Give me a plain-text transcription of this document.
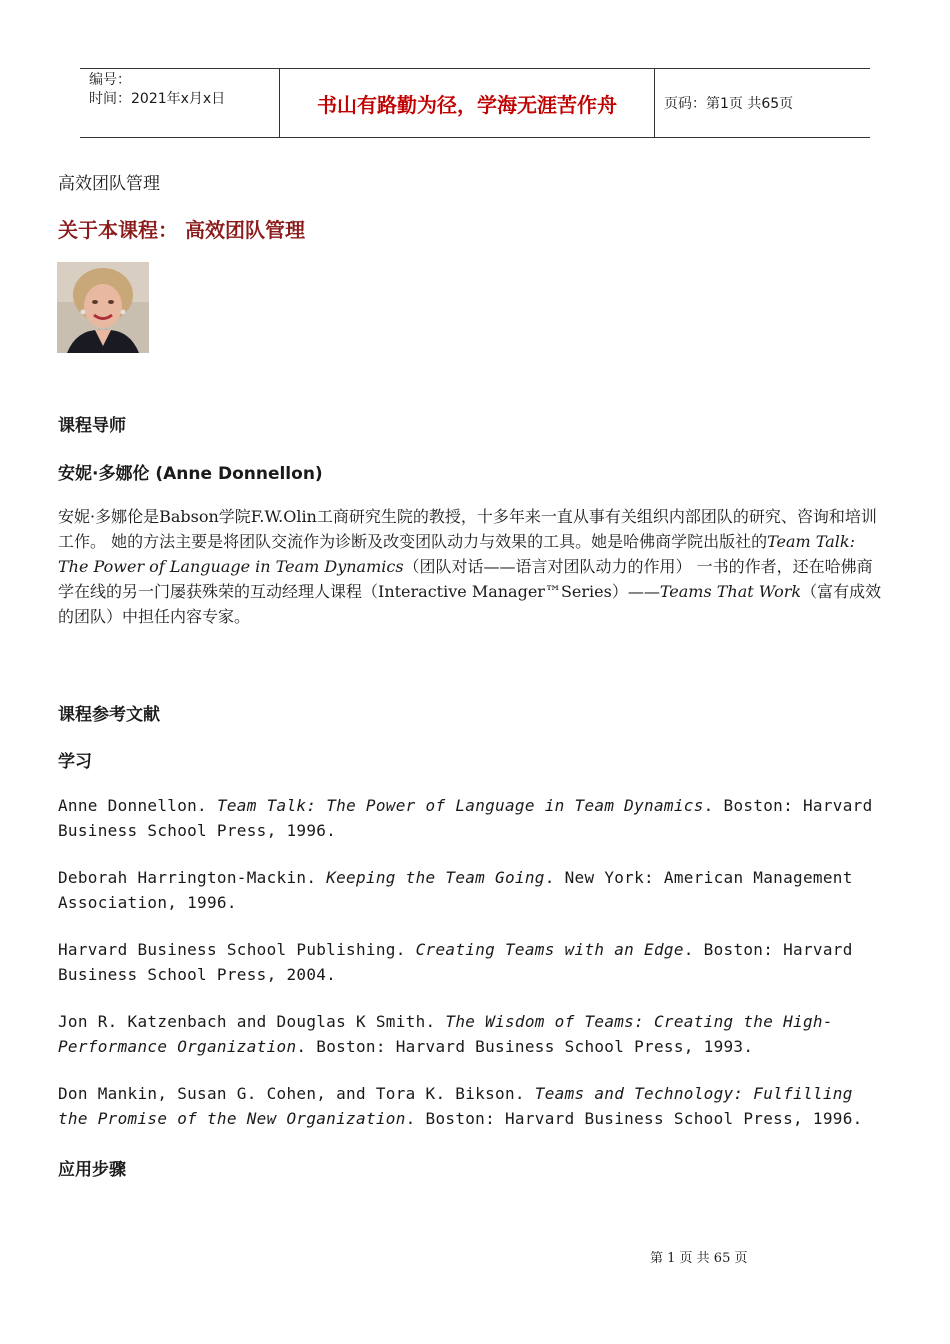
编号：
时间：2021年x月x日	书山有路勤为径，学海无涯苦作舟	页码：第1页 共65页
高效团队管理
关于本课程： 高效团队管理
课程导师
安妮·多娜伦 (Anne Donnellon)
安妮·多娜伦是Babson学院F.W.Olin工商研究生院的教授，十多年来一直从事有关组织内部团队的研究、咨询和培训工作。 她的方法主要是将团队交流作为诊断及改变团队动力与效果的工具。她是哈佛商学院出版社的Team Talk: The Power of Language in Team Dynamics（团队对话——语言对团队动力的作用） 一书的作者，还在哈佛商学在线的另一门屡获殊荣的互动经理人课程（Interactive Manager™Series）——Teams That Work（富有成效的团队）中担任内容专家。
课程参考文献
学习
Anne Donnellon. Team Talk: The Power of Language in Team Dynamics. Boston: Harvard Business School Press, 1996.
Deborah Harrington-Mackin. Keeping the Team Going. New York: American Management Association, 1996.
Harvard Business School Publishing. Creating Teams with an Edge. Boston: Harvard Business School Press, 2004.
Jon R. Katzenbach and Douglas K Smith. The Wisdom of Teams: Creating the High-Performance Organization. Boston: Harvard Business School Press, 1993.
Don Mankin, Susan G. Cohen, and Tora K. Bikson. Teams and Technology: Fulfilling the Promise of the New Organization. Boston: Harvard Business School Press, 1996.
应用步骤
第 1 页 共 65 页
